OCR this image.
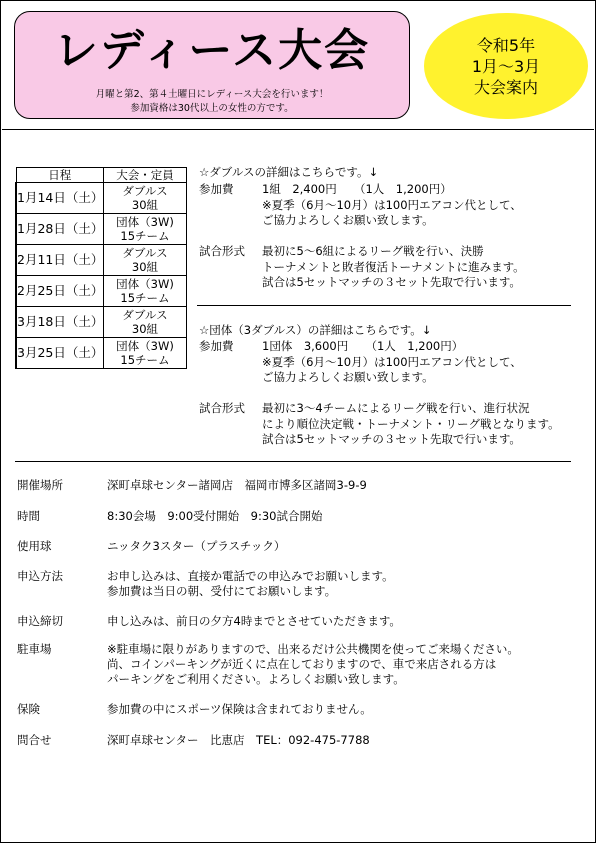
レディース大会
月曜と第2、第４土曜日にレディース大会を行います！
参加資格は30代以上の女性の方です。
令和5年
1月〜3月
大会案内
日程	大会・定員
1月14日（土）	ダブルス
30組

1月28日（土）	団体（3W)
15チーム

2月11日（土）	ダブルス
30組

2月25日（土）	団体（3W)
15チーム

3月18日（土）	ダブルス
30組

3月25日（土）	団体（3W)
15チーム
☆ダブルスの詳細はこちらです。↓
参加費 1組　2,400円　　（1人　1,200円）
※夏季（6月〜10月）は100円エアコン代として、
ご協力よろしくお願い致します。
試合形式 最初に5〜6組によるリーグ戦を行い、決勝
トーナメントと敗者復活トーナメントに進みます。
試合は5セットマッチの３セット先取で行います。
☆団体（3ダブルス）の詳細はこちらです。↓
参加費 1団体　3,600円　　（1人　1,200円）
※夏季（6月〜10月）は100円エアコン代として、
ご協力よろしくお願い致します。
試合形式 最初に3〜4チームによるリーグ戦を行い、進行状況
により順位決定戦・トーナメント・リーグ戦となります。
試合は5セットマッチの３セット先取で行います。
開催場所	深町卓球センター諸岡店　福岡市博多区諸岡3-9-9
時間	8:30会場　9:00受付開始　9:30試合開始
使用球	ニッタク3スター（プラスチック）
申込方法	お申し込みは、直接か電話での申込みでお願いします。
参加費は当日の朝、受付にてお願いします。
申込締切	申し込みは、前日の夕方4時までとさせていただきます。
駐車場	※駐車場に限りがありますので、出来るだけ公共機関を使ってご来場ください。
尚、コインパーキングが近くに点在しておりますので、車で来店される方は
パーキングをご利用ください。よろしくお願い致します。
保険	参加費の中にスポーツ保険は含まれておりません。
問合せ	深町卓球センター　比恵店　TEL：092-475-7788
